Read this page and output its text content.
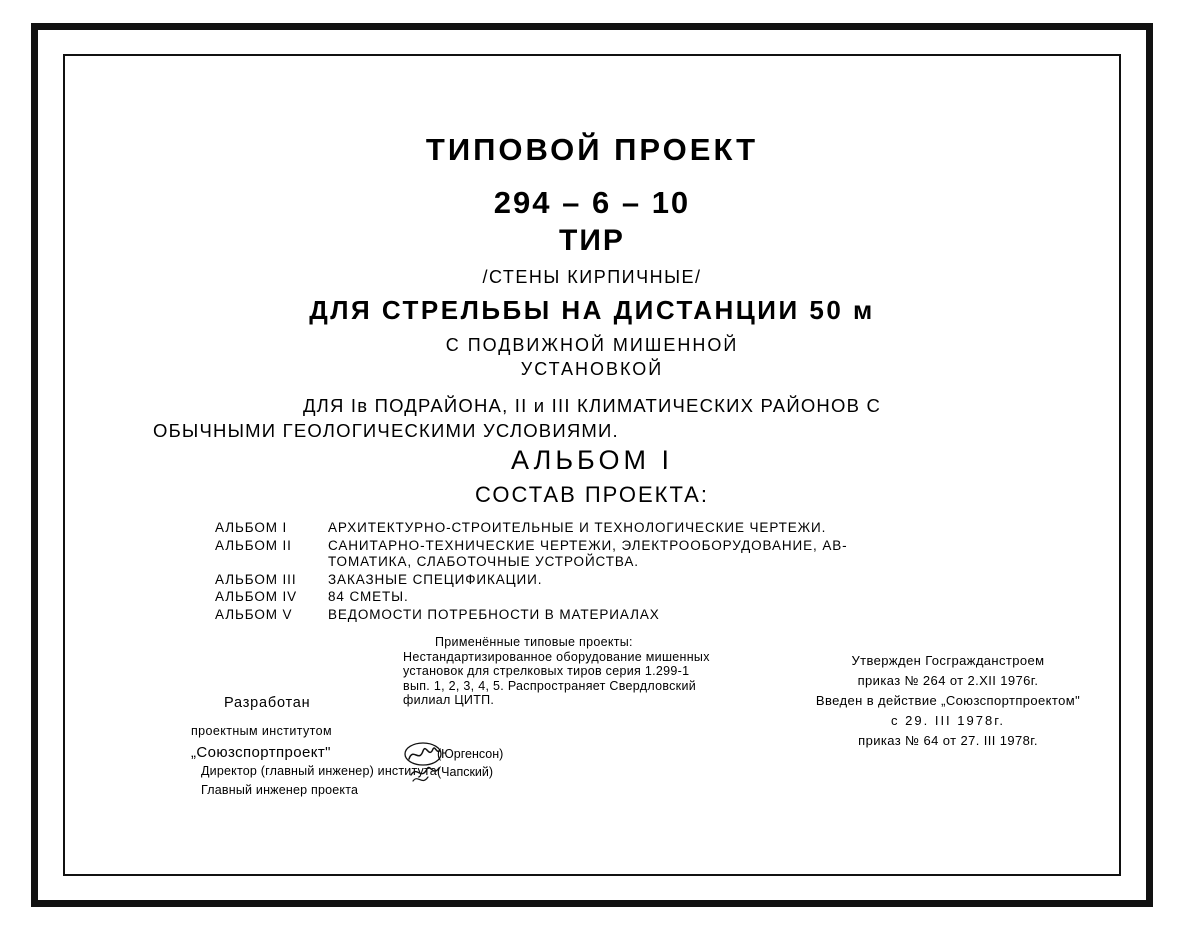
ТИПОВОЙ ПРОЕКТ
294 – 6 – 10
ТИР
/СТЕНЫ КИРПИЧНЫЕ/
ДЛЯ СТРЕЛЬБЫ НА ДИСТАНЦИИ 50 м
С ПОДВИЖНОЙ МИШЕННОЙ
УСТАНОВКОЙ
ДЛЯ Iв ПОДРАЙОНА, II и III КЛИМАТИЧЕСКИХ РАЙОНОВ С
ОБЫЧНЫМИ ГЕОЛОГИЧЕСКИМИ УСЛОВИЯМИ.
АЛЬБОМ I
СОСТАВ ПРОЕКТА:
АЛЬБОМ I	АРХИТЕКТУРНО-СТРОИТЕЛЬНЫЕ И ТЕХНОЛОГИЧЕСКИЕ ЧЕРТЕЖИ.
АЛЬБОМ II	САНИТАРНО-ТЕХНИЧЕСКИЕ ЧЕРТЕЖИ, ЭЛЕКТРООБОРУДОВАНИЕ, АВ-
ТОМАТИКА, СЛАБОТОЧНЫЕ УСТРОЙСТВА.
АЛЬБОМ III	ЗАКАЗНЫЕ СПЕЦИФИКАЦИИ.
АЛЬБОМ IV	84 СМЕТЫ.
АЛЬБОМ V	ВЕДОМОСТИ ПОТРЕБНОСТИ В МАТЕРИАЛАХ
Применённые типовые проекты:
Нестандартизированное оборудование мишенных
установок для стрелковых тиров серия 1.299-1
вып. 1, 2, 3, 4, 5. Распространяет Свердловский
филиал ЦИТП.
Утвержден Госгражданстроем
приказ № 264 от 2.XII 1976г.
Введен в действие „Союзспортпроектом"
с 29. III 1978г.
приказ № 64 от 27. III 1978г.
Разработан
проектным институтом
„Союзспортпроект"
Директор (главный инженер) института
Главный инженер проекта
(Юргенсон)
(Чапский)
